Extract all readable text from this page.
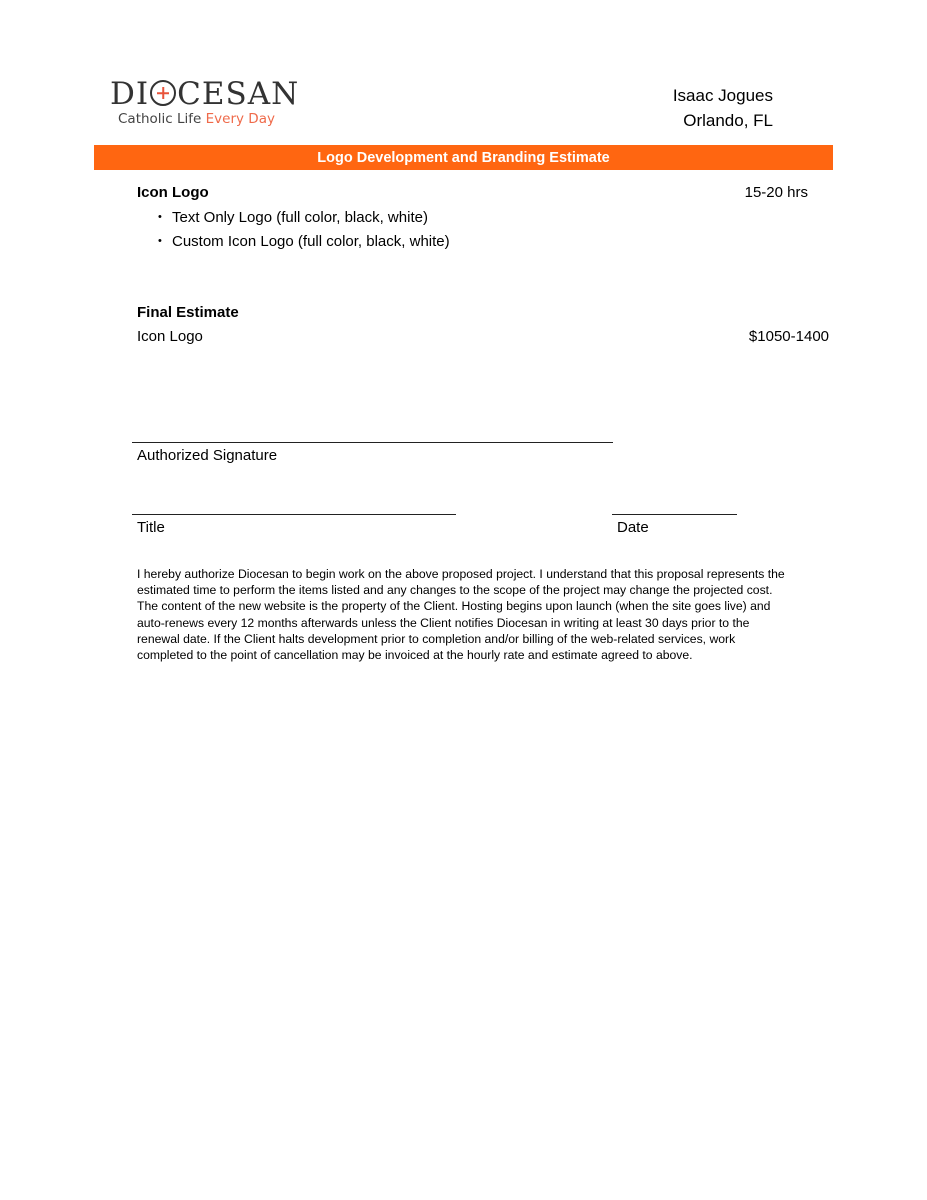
DI CESAN
Catholic Life Every Day
Isaac Jogues
Orlando, FL
Logo Development and Branding Estimate
Icon Logo	15-20 hrs
• Text Only Logo (full color, black, white)
• Custom Icon Logo (full color, black, white)
Final Estimate
Icon Logo	$1050-1400
Authorized Signature
Title	Date
I hereby authorize Diocesan to begin work on the above proposed project. I understand that this proposal represents the estimated time to perform the items listed and any changes to the scope of the project may change the projected cost. The content of the new website is the property of the Client. Hosting begins upon launch (when the site goes live) and auto-renews every 12 months afterwards unless the Client notifies Diocesan in writing at least 30 days prior to the renewal date. If the Client halts development prior to completion and/or billing of the web-related services, work completed to the point of cancellation may be invoiced at the hourly rate and estimate agreed to above.
